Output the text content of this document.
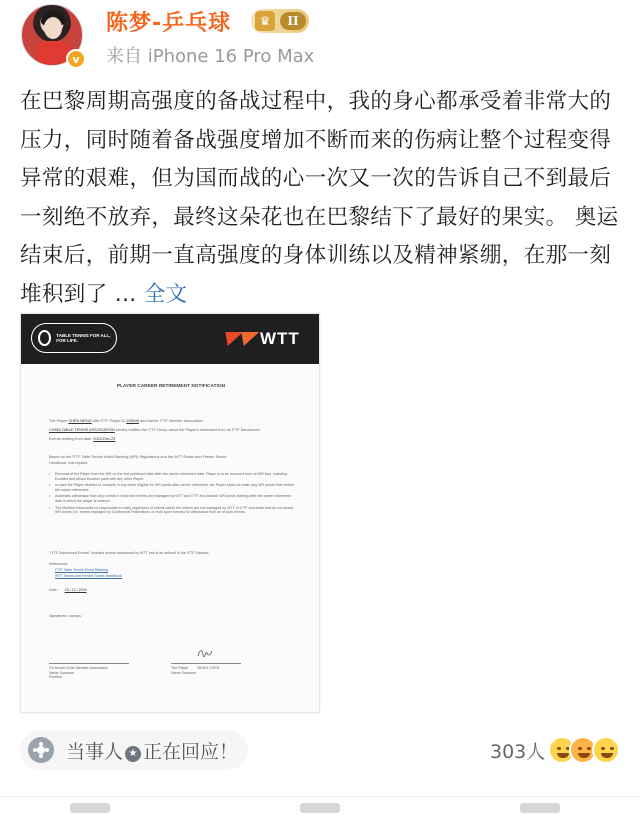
v
陈梦-乒乓球	♛	II
来自 iPhone 16 Pro Max
在巴黎周期高强度的备战过程中，我的身心都承受着非常大的压力，同时随着备战强度增加不断而来的伤病让整个过程变得异常的艰难，但为国而战的心一次又一次的告诉自己不到最后一刻绝不放弃，最终这朵花也在巴黎结下了最好的果实。 奥运结束后，前期一直高强度的身体训练以及精神紧绷，在那一刻堆积到了 ... 全文
TABLE TENNIS FOR ALL, FOR LIFE.	WTT
PLAYER CAREER RETIREMENT NOTIFICATION
The Player CHEN MENG with ITTF Player ID 105649 and his/her ITTF Member Association
CHINA TABLE TENNIS ASSOCIATION hereby notifies the ITTF Group about the Player's retirement from all ITTF Sanctioned
Events starting from date: 2024-Dec-23
Based on the ITTF Table Tennis World Ranking (WR) Regulations and the WTT Series and Feeder Series
Handbook, this implies:
• Removal of the Player from the WR on the first published date after the career retirement date. Player is to be removed from all WR lists, including Doubles and Mixed Doubles pairs with any other Player.
• In case the Player decides to compete in any event eligible for WR points after career retirement, the Player shall not retain any WR points from before the career retirement.
• Automatic withdrawal from any events in which the entries are managed by WTT and ITTF and awards WR points starting after the career retirement date in which the player is entered.
• The Member Association is responsible to notify organisers of events where the entries are not managed by WTT or ITTF and those that do not award WR points (i.e. events managed by Continental Federations or multi sport events) for withdrawal from all of such events.
"ITTF Sanctioned Events" includes events sanctioned by WTT and is as defined in the ITTF Statutes
References
ITTF Table Tennis World Ranking
WTT Series and Feeder Series Handbook
Date: 23 / 12 / 2024
Signatures / stamps:
On behalf of the Member Association
Name Surname
Position
The Player	MENG CHEN
Name Surname
当事人 ★ 正在回应！	303人
